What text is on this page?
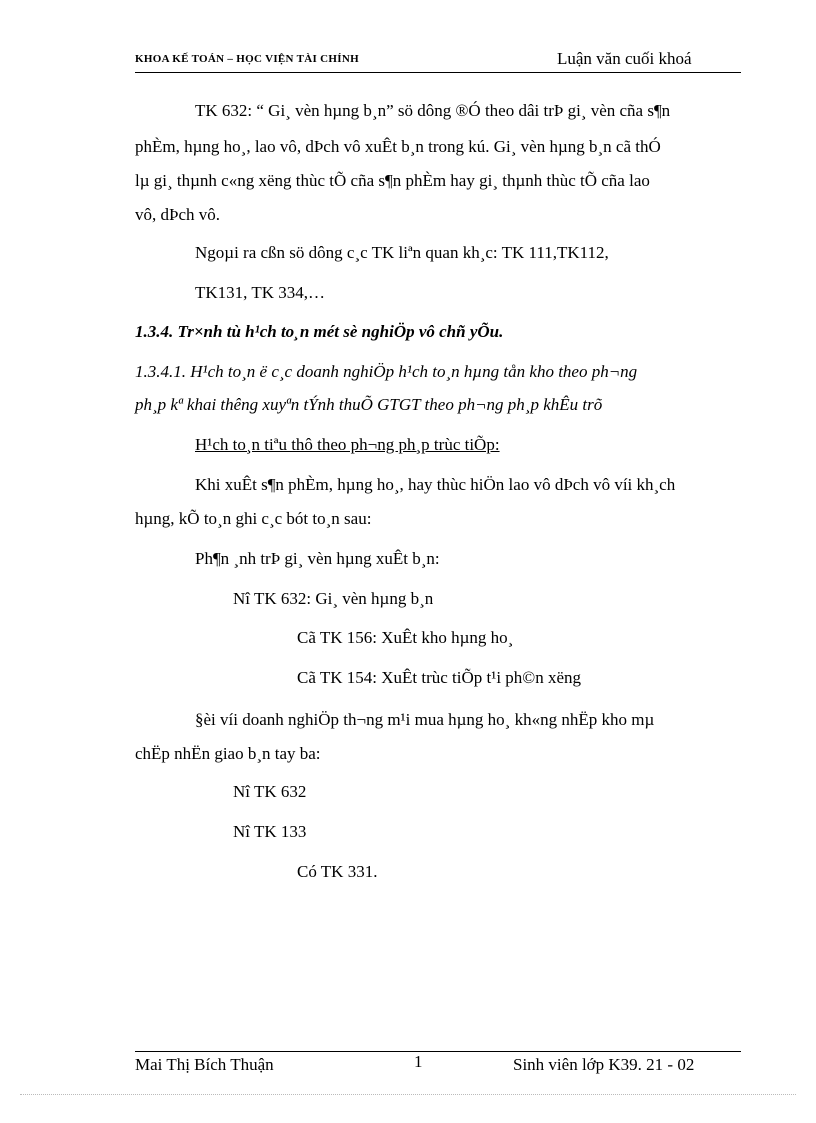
KHOA KẾ TOÁN – HỌC VIỆN TÀI CHÍNH	Luận văn cuối khoá
TK 632: “ Gi¸ vèn hµng b¸n” sö dông ®Ó theo dâi trÞ gi¸ vèn cña s¶n
phÈm, hµng ho¸, lao vô, dÞch vô xuÊt b¸n trong kú. Gi¸ vèn hµng b¸n cã thÓ
lµ gi¸ thµnh c«ng xëng thùc tÕ cña s¶n phÈm hay gi¸ thµnh thùc tÕ cña lao
vô, dÞch vô.
Ngoµi ra cßn sö dông c¸c TK liªn quan kh¸c: TK 111,TK112,
TK131, TK 334,…
1.3.4. Tr×nh tù h¹ch to¸n mét sè nghiÖp vô chñ yÕu.
1.3.4.1. H¹ch to¸n ë c¸c doanh nghiÖp h¹ch to¸n hµng tån kho theo ph¬ng
ph¸p kª khai thêng xuyªn tÝnh thuÕ GTGT theo ph¬ng ph¸p khÊu trõ
H¹ch to¸n tiªu thô theo ph¬ng ph¸p trùc tiÕp:
Khi xuÊt s¶n phÈm, hµng ho¸, hay thùc hiÖn lao vô dÞch vô víi kh¸ch
hµng, kÕ to¸n ghi c¸c bót to¸n sau:
Ph¶n ¸nh trÞ gi¸ vèn hµng xuÊt b¸n:
Nî TK 632: Gi¸ vèn hµng b¸n
Cã TK 156: XuÊt kho hµng ho¸
Cã TK 154: XuÊt trùc tiÕp t¹i ph©n xëng
§èi víi doanh nghiÖp th¬ng m¹i mua hµng ho¸ kh«ng nhËp kho mµ
chËp nhËn giao b¸n tay ba:
Nî TK 632
Nî TK 133
Có TK 331.
Mai Thị Bích Thuận	1	Sinh viên lớp K39. 21 - 02
